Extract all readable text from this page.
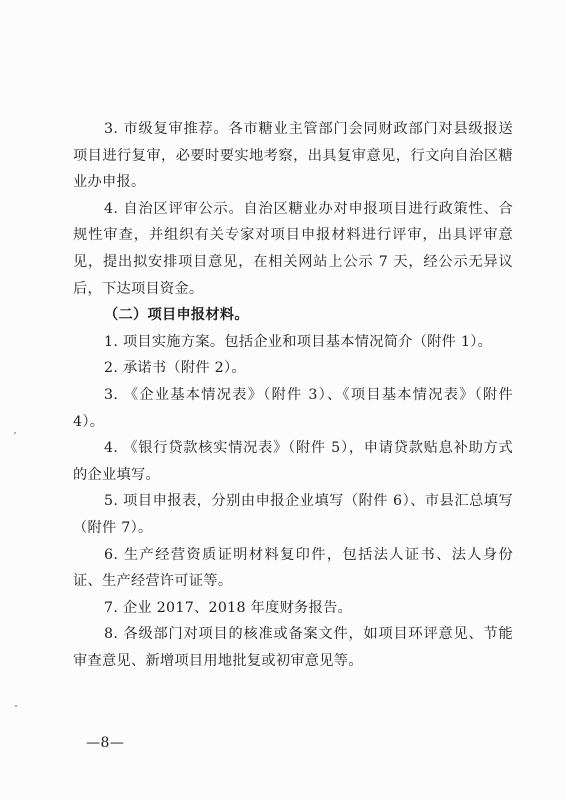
3. 市级复审推荐。各市糖业主管部门会同财政部门对县级报送项目进行复审，必要时要实地考察，出具复审意见，行文向自治区糖业办申报。

4. 自治区评审公示。自治区糖业办对申报项目进行政策性、合规性审查，并组织有关专家对项目申报材料进行评审，出具评审意见，提出拟安排项目意见，在相关网站上公示 7 天，经公示无异议后，下达项目资金。

（二）项目申报材料。

1. 项目实施方案。包括企业和项目基本情况简介（附件 1）。

2. 承诺书（附件 2）。

3. 《企业基本情况表》（附件 3）、《项目基本情况表》（附件 4）。

4. 《银行贷款核实情况表》（附件 5），申请贷款贴息补助方式的企业填写。

5. 项目申报表，分别由申报企业填写（附件 6）、市县汇总填写（附件 7）。

6. 生产经营资质证明材料复印件，包括法人证书、法人身份证、生产经营许可证等。

7. 企业 2017、2018 年度财务报告。

8. 各级部门对项目的核准或备案文件，如项目环评意见、节能审查意见、新增项目用地批复或初审意见等。

—8—
